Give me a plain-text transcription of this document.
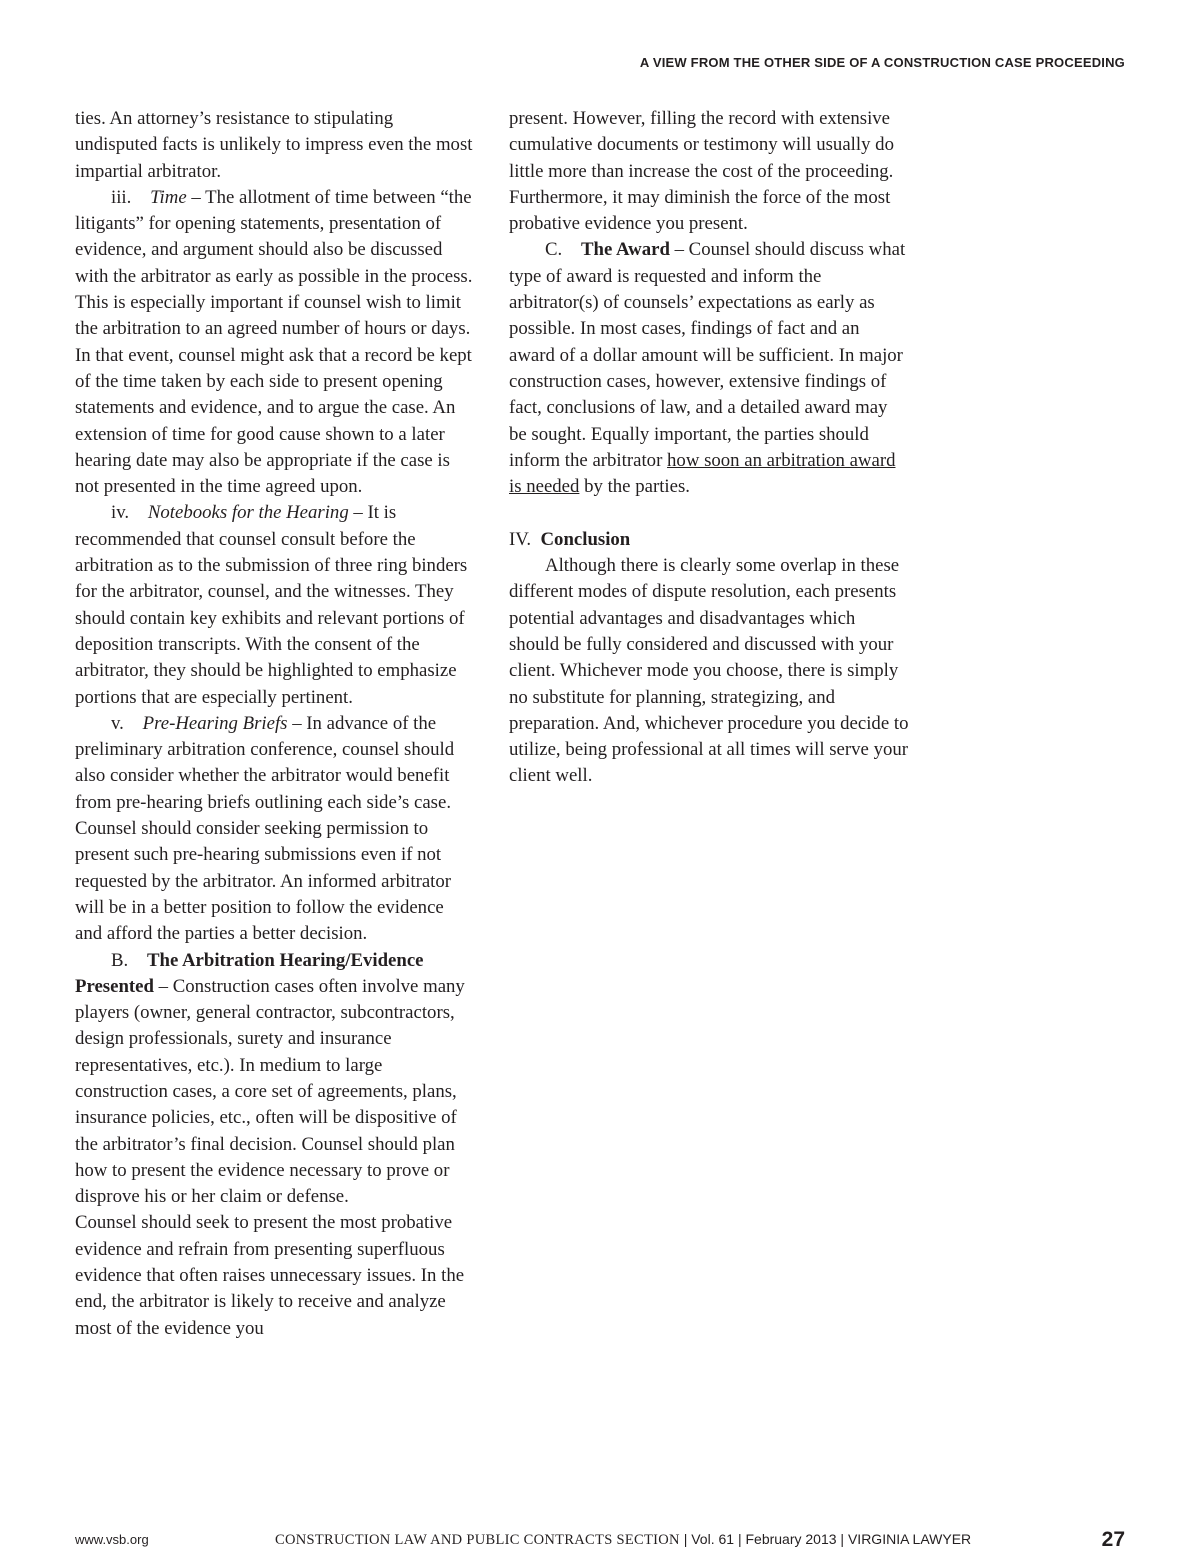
A VIEW FROM THE OTHER SIDE OF A CONSTRUCTION CASE PROCEEDING

ties. An attorney’s resistance to stipulating undisputed facts is unlikely to impress even the most impartial arbitrator.

iii. Time – The allotment of time between “the litigants” for opening statements, presentation of evidence, and argument should also be discussed with the arbitrator as early as possible in the process. This is especially important if counsel wish to limit the arbitration to an agreed number of hours or days. In that event, counsel might ask that a record be kept of the time taken by each side to present opening statements and evidence, and to argue the case. An extension of time for good cause shown to a later hearing date may also be appropriate if the case is not presented in the time agreed upon.

iv. Notebooks for the Hearing – It is recommended that counsel consult before the arbitration as to the submission of three ring binders for the arbitrator, counsel, and the witnesses. They should contain key exhibits and relevant portions of deposition transcripts. With the consent of the arbitrator, they should be highlighted to emphasize portions that are especially pertinent.

v. Pre-Hearing Briefs – In advance of the preliminary arbitration conference, counsel should also consider whether the arbitrator would benefit from pre-hearing briefs outlining each side’s case. Counsel should consider seeking permission to present such pre-hearing submissions even if not requested by the arbitrator. An informed arbitrator will be in a better position to follow the evidence and afford the parties a better decision.

B. The Arbitration Hearing/Evidence Presented – Construction cases often involve many players (owner, general contractor, subcontractors, design professionals, surety and insurance representatives, etc.). In medium to large construction cases, a core set of agreements, plans, insurance policies, etc., often will be dispositive of the arbitrator’s final decision. Counsel should plan how to present the evidence necessary to prove or disprove his or her claim or defense.

Counsel should seek to present the most probative evidence and refrain from presenting superfluous evidence that often raises unnecessary issues. In the end, the arbitrator is likely to receive and analyze most of the evidence you

present. However, filling the record with extensive cumulative documents or testimony will usually do little more than increase the cost of the proceeding. Furthermore, it may diminish the force of the most probative evidence you present.

C. The Award – Counsel should discuss what type of award is requested and inform the arbitrator(s) of counsels’ expectations as early as possible. In most cases, findings of fact and an award of a dollar amount will be sufficient. In major construction cases, however, extensive findings of fact, conclusions of law, and a detailed award may be sought. Equally important, the parties should inform the arbitrator how soon an arbitration award is needed by the parties.

IV. Conclusion

Although there is clearly some overlap in these different modes of dispute resolution, each presents potential advantages and disadvantages which should be fully considered and discussed with your client. Whichever mode you choose, there is simply no substitute for planning, strategizing, and preparation. And, whichever procedure you decide to utilize, being professional at all times will serve your client well.

www.vsb.org	CONSTRUCTION LAW AND PUBLIC CONTRACTS SECTION | Vol. 61 | February 2013 | VIRGINIA LAWYER	27
